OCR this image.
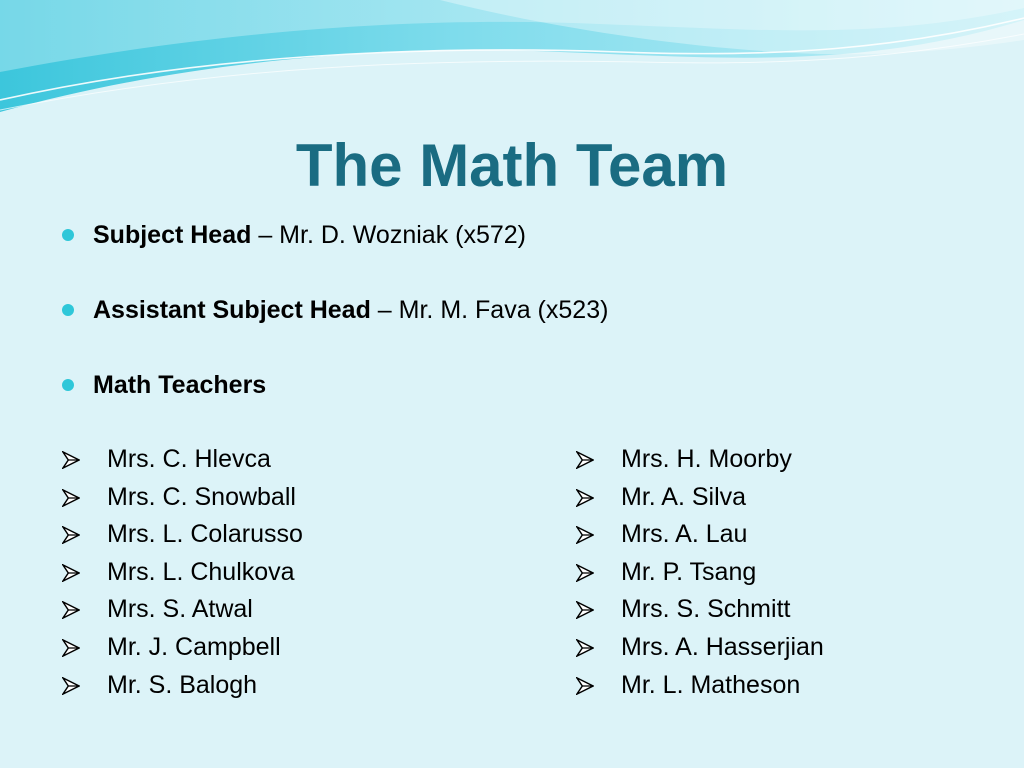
The Math Team
Subject Head – Mr. D. Wozniak (x572)
Assistant Subject Head – Mr. M. Fava (x523)
Math Teachers
Mrs. C. Hlevca
Mrs. C. Snowball
Mrs. L. Colarusso
Mrs. L. Chulkova
Mrs. S. Atwal
Mr. J. Campbell
Mr. S. Balogh
Mrs. H. Moorby
Mr. A. Silva
Mrs. A. Lau
Mr. P. Tsang
Mrs. S. Schmitt
Mrs. A. Hasserjian
Mr. L. Matheson
